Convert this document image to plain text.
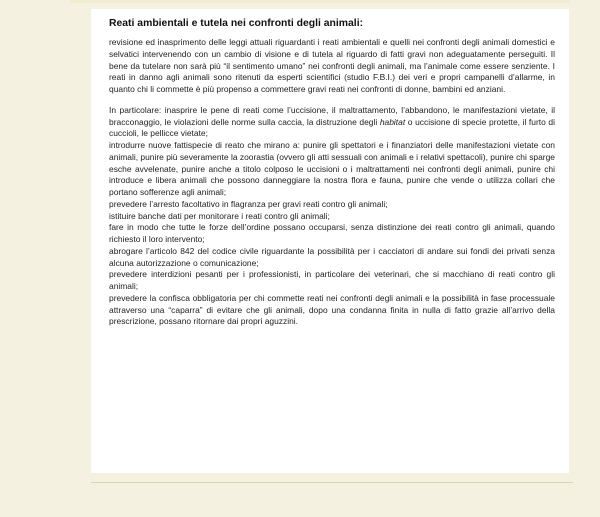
Reati ambientali e tutela nei confronti degli animali:

revisione ed inasprimento delle leggi attuali riguardanti i reati ambientali e quelli nei confronti degli animali domestici e selvatici intervenendo con un cambio di visione e di tutela al riguardo di fatti gravi non adeguatamente perseguiti. Il bene da tutelare non sarà più “il sentimento umano” nei confronti degli animali, ma l’animale come essere senziente. I reati in danno agli animali sono ritenuti da esperti scientifici (studio F.B.I.) dei veri e propri campanelli d’allarme, in quanto chi li commette è più propenso a commettere gravi reati nei confronti di donne, bambini ed anziani.

In particolare: inasprire le pene di reati come l’uccisione, il maltrattamento, l’abbandono, le manifestazioni vietate, il bracconaggio, le violazioni delle norme sulla caccia, la distruzione degli habitat o uccisione di specie protette, il furto di cuccioli, le pellicce vietate;

introdurre nuove fattispecie di reato che mirano a: punire gli spettatori e i finanziatori delle manifestazioni vietate con animali, punire più severamente la zoorastia (ovvero gli atti sessuali con animali e i relativi spettacoli), punire chi sparge esche avvelenate, punire anche a titolo colposo le uccisioni o i maltrattamenti nei confronti degli animali, punire chi introduce e libera animali che possono danneggiare la nostra flora e fauna, punire che vende o utilizza collari che portano sofferenze agli animali;

prevedere l’arresto facoltativo in flagranza per gravi reati contro gli animali;

istituire banche dati per monitorare i reati contro gli animali;

fare in modo che tutte le forze dell’ordine possano occuparsi, senza distinzione dei reati contro gli animali, quando richiesto il loro intervento;

abrogare l’articolo 842 del codice civile riguardante la possibilità per i cacciatori di andare sui fondi dei privati senza alcuna autorizzazione o comunicazione;

prevedere interdizioni pesanti per i professionisti, in particolare dei veterinari, che si macchiano di reati contro gli animali;

prevedere la confisca obbligatoria per chi commette reati nei confronti degli animali e la possibilità in fase processuale attraverso una “caparra” di evitare che gli animali, dopo una condanna finita in nulla di fatto grazie all’arrivo della prescrizione, possano ritornare dai propri aguzzini.
